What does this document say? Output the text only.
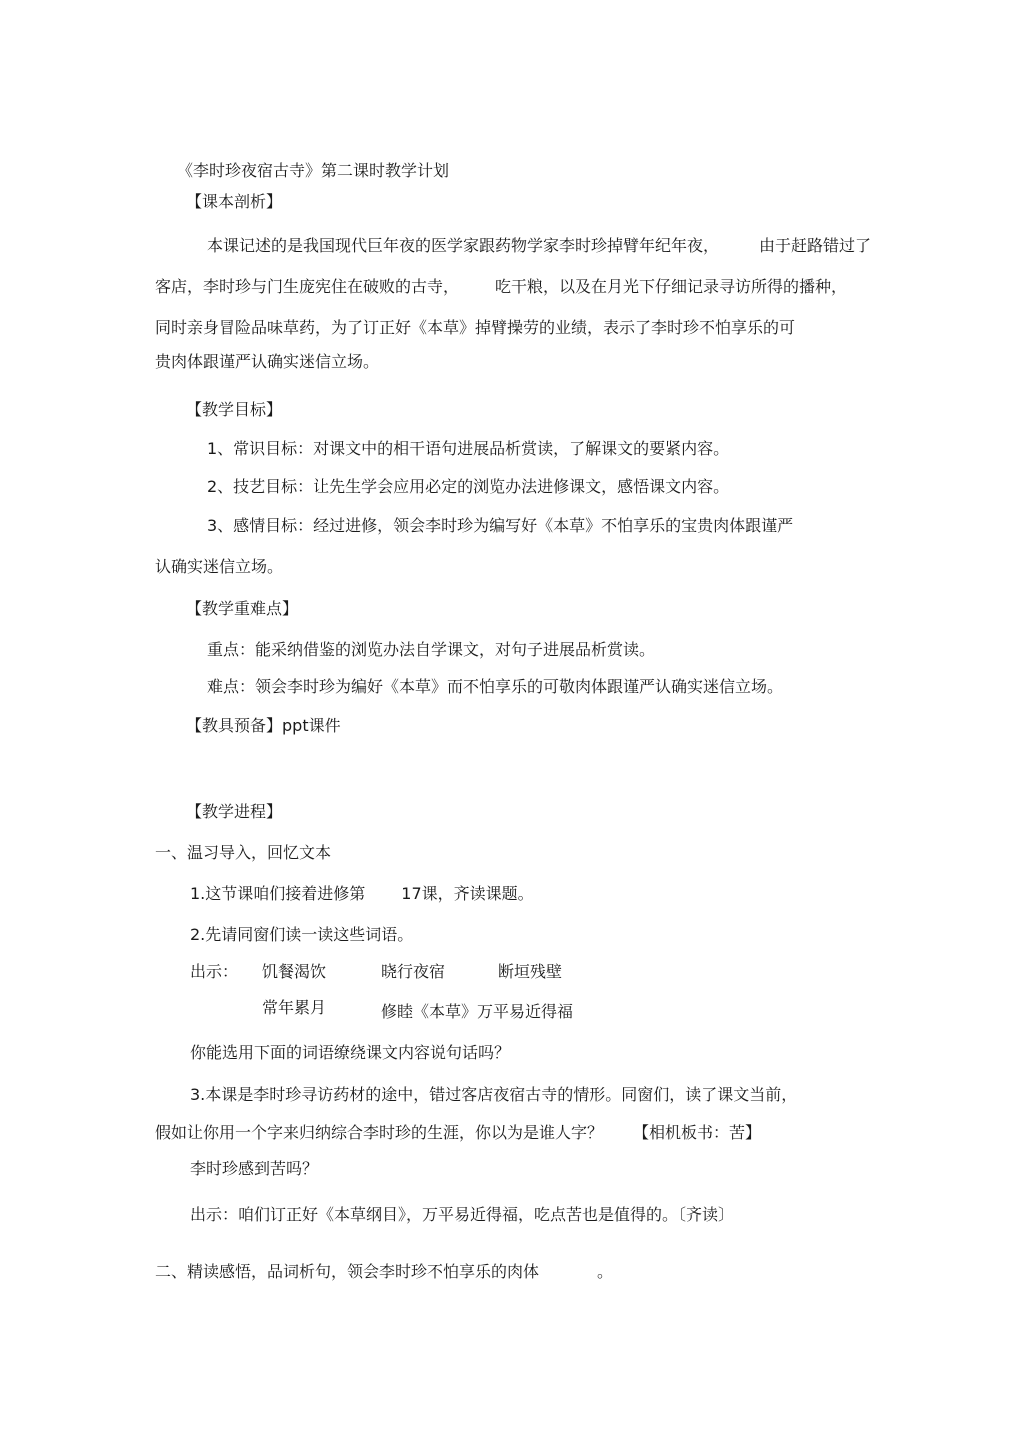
《李时珍夜宿古寺》第二课时教学计划
【课本剖析】
本课记述的是我国现代巨年夜的医学家跟药物学家李时珍掉臂年纪年夜，	由于赶路错过了
客店，李时珍与门生庞宪住在破败的古寺， 吃干粮，以及在月光下仔细记录寻访所得的播种，
同时亲身冒险品味草药，为了订正好《本草》掉臂操劳的业绩，表示了李时珍不怕享乐的可
贵肉体跟谨严认确实迷信立场。
【教学目标】
1、常识目标：对课文中的相干语句进展品析赏读，了解课文的要紧内容。
2、技艺目标：让先生学会应用必定的浏览办法进修课文，感悟课文内容。
3、感情目标：经过进修，领会李时珍为编写好《本草》不怕享乐的宝贵肉体跟谨严
认确实迷信立场。
【教学重难点】
重点：能采纳借鉴的浏览办法自学课文，对句子进展品析赏读。
难点：领会李时珍为编好《本草》而不怕享乐的可敬肉体跟谨严认确实迷信立场。
【教具预备】ppt课件
【教学进程】
一、温习导入，回忆文本
1.这节课咱们接着进修第 17课，齐读课题。
2.先请同窗们读一读这些词语。
出示： 饥餐渴饮	晓行夜宿	断垣残壁
常年累月	修睦《本草》万平易近得福
你能选用下面的词语缭绕课文内容说句话吗？
3.本课是李时珍寻访药材的途中，错过客店夜宿古寺的情形。同窗们，读了课文当前，
假如让你用一个字来归纳综合李时珍的生涯，你以为是谁人字？ 【相机板书：苦】
李时珍感到苦吗？
出示：咱们订正好《本草纲目》，万平易近得福，吃点苦也是值得的。〔齐读〕
二、精读感悟，品词析句，领会李时珍不怕享乐的肉体	。
